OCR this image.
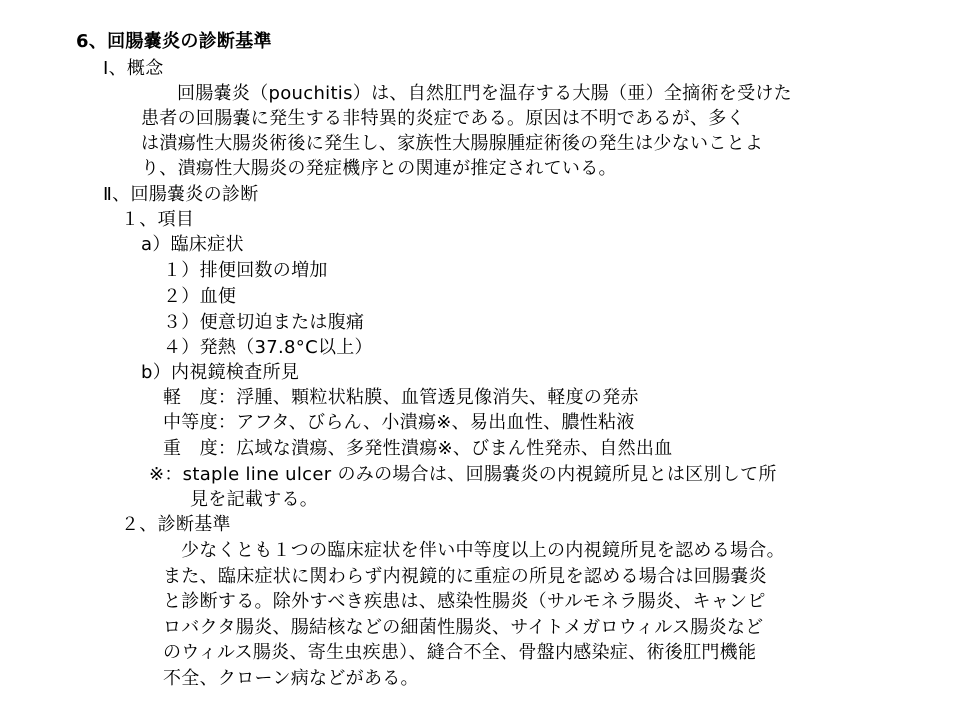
6、回腸嚢炎の診断基準
Ⅰ、概念
回腸嚢炎（pouchitis）は、自然肛門を温存する大腸（亜）全摘術を受けた
患者の回腸嚢に発生する非特異的炎症である。原因は不明であるが、多く
は潰瘍性大腸炎術後に発生し、家族性大腸腺腫症術後の発生は少ないことよ
り、潰瘍性大腸炎の発症機序との関連が推定されている。
Ⅱ、回腸嚢炎の診断
１、項目
a）臨床症状
１）排便回数の増加
２）血便
３）便意切迫または腹痛
４）発熱（37.8°C以上）
b）内視鏡検査所見
軽　度：浮腫、顆粒状粘膜、血管透見像消失、軽度の発赤
中等度：アフタ、びらん、小潰瘍※、易出血性、膿性粘液
重　度：広域な潰瘍、多発性潰瘍※、びまん性発赤、自然出血
※：staple line ulcer のみの場合は、回腸嚢炎の内視鏡所見とは区別して所
見を記載する。
２、診断基準
少なくとも１つの臨床症状を伴い中等度以上の内視鏡所見を認める場合。
また、臨床症状に関わらず内視鏡的に重症の所見を認める場合は回腸嚢炎
と診断する。除外すべき疾患は、感染性腸炎（サルモネラ腸炎、キャンピ
ロバクタ腸炎、腸結核などの細菌性腸炎、サイトメガロウィルス腸炎など
のウィルス腸炎、寄生虫疾患）、縫合不全、骨盤内感染症、術後肛門機能
不全、クローン病などがある。
